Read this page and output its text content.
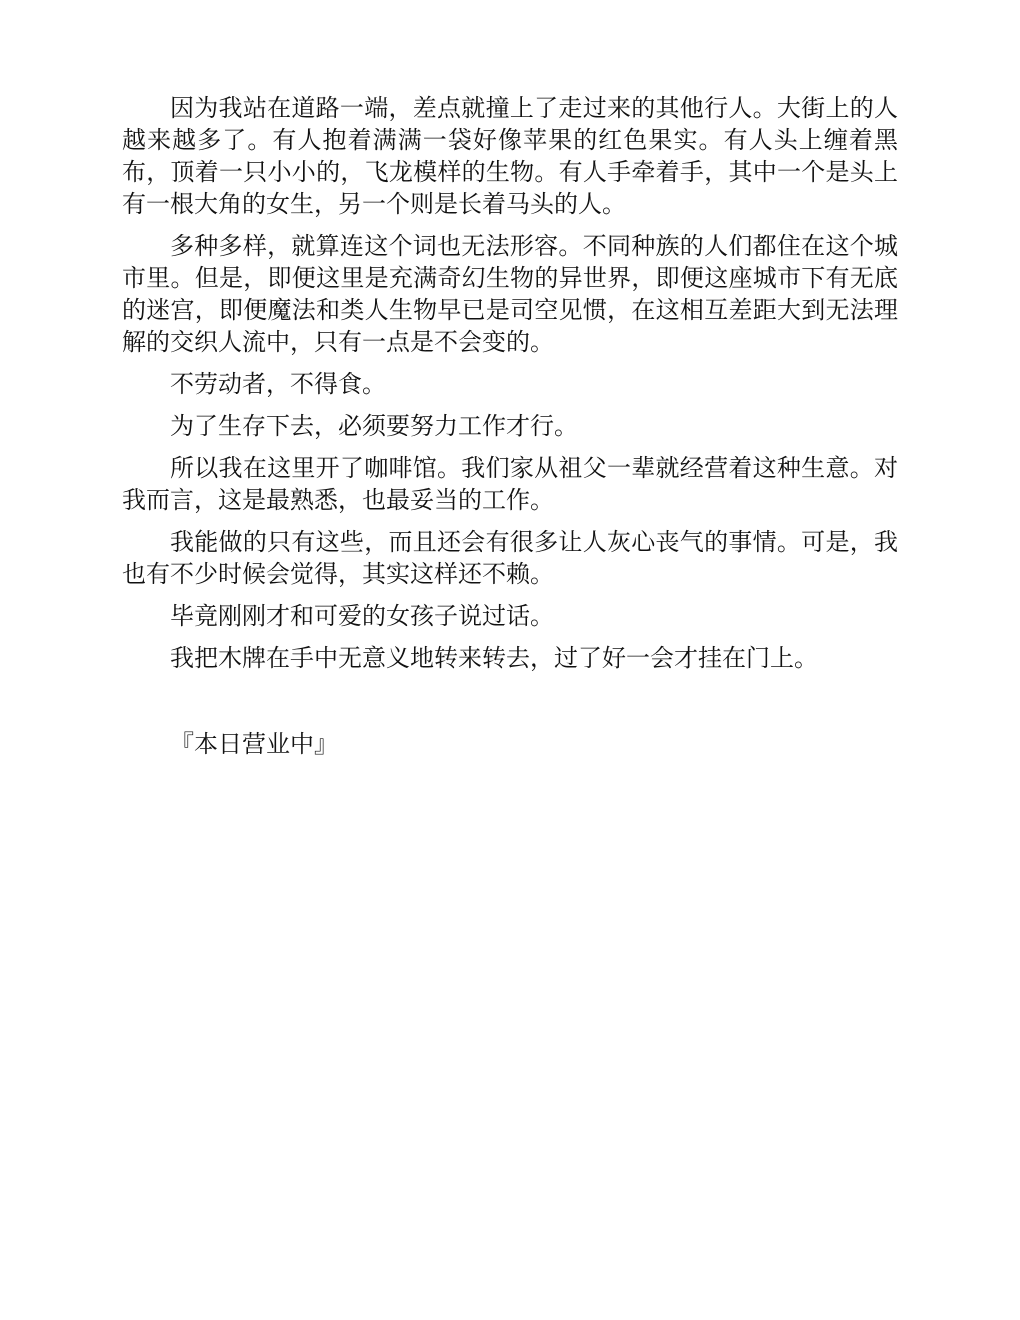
因为我站在道路一端，差点就撞上了走过来的其他行人。大街上的人越来越多了。有人抱着满满一袋好像苹果的红色果实。有人头上缠着黑布，顶着一只小小的，飞龙模样的生物。有人手牵着手，其中一个是头上有一根大角的女生，另一个则是长着马头的人。

多种多样，就算连这个词也无法形容。不同种族的人们都住在这个城市里。但是，即便这里是充满奇幻生物的异世界，即便这座城市下有无底的迷宫，即便魔法和类人生物早已是司空见惯，在这相互差距大到无法理解的交织人流中，只有一点是不会变的。

不劳动者，不得食。

为了生存下去，必须要努力工作才行。

所以我在这里开了咖啡馆。我们家从祖父一辈就经营着这种生意。对我而言，这是最熟悉，也最妥当的工作。

我能做的只有这些，而且还会有很多让人灰心丧气的事情。可是，我也有不少时候会觉得，其实这样还不赖。

毕竟刚刚才和可爱的女孩子说过话。

我把木牌在手中无意义地转来转去，过了好一会才挂在门上。

『本日营业中』
